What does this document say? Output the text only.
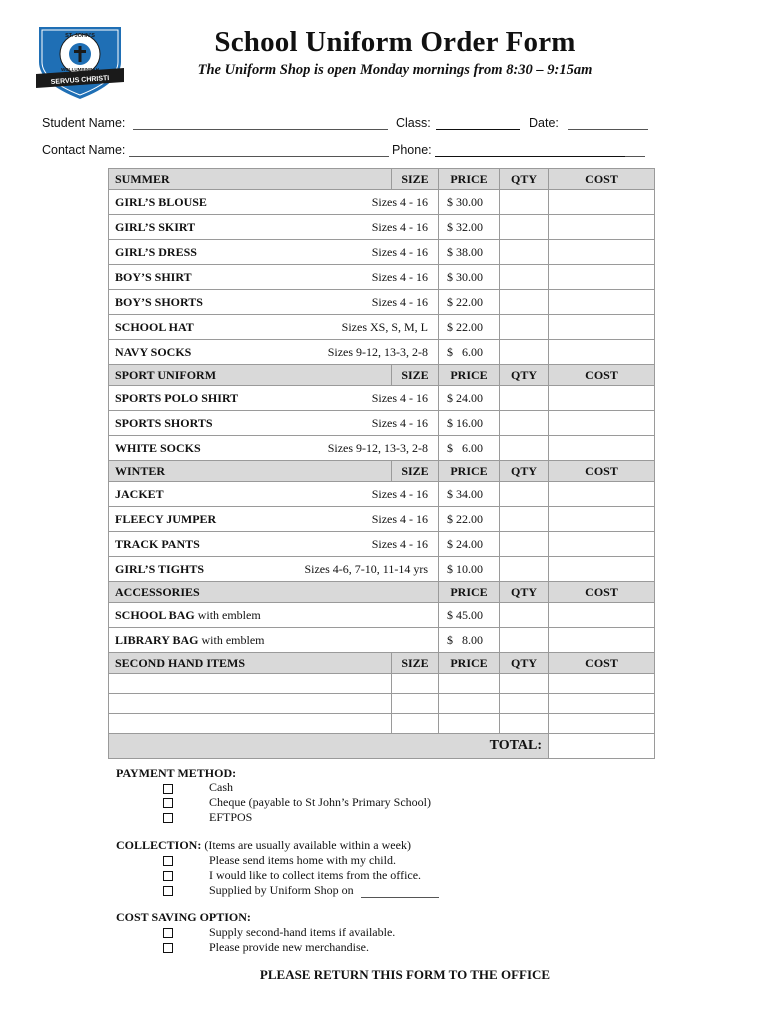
SERVUS CHRISTI
ST. JOHN'S
WOLLUMBINBAH
School Uniform Order Form
The Uniform Shop is open Monday mornings from 8:30 – 9:15am
Student Name:	Class:	Date:
Contact Name:	Phone:
SUMMER		SIZE	PRICE	QTY	COST
GIRL’S BLOUSE	Sizes 4 - 16		$ 30.00		
GIRL’S SKIRT	Sizes 4 - 16		$ 32.00		
GIRL’S DRESS	Sizes 4 - 16		$ 38.00		
BOY’S SHIRT	Sizes 4 - 16		$ 30.00		
BOY’S SHORTS	Sizes 4 - 16		$ 22.00		
SCHOOL HAT	Sizes XS, S, M, L		$ 22.00		
NAVY SOCKS	Sizes 9-12, 13-3, 2-8		$   6.00		
SPORT UNIFORM		SIZE	PRICE	QTY	COST
SPORTS POLO SHIRT	Sizes 4 - 16		$ 24.00		
SPORTS SHORTS	Sizes 4 - 16		$ 16.00		
WHITE SOCKS	Sizes 9-12, 13-3, 2-8		$   6.00		
WINTER		SIZE	PRICE	QTY	COST
JACKET	Sizes 4 - 16		$ 34.00		
FLEECY JUMPER	Sizes 4 - 16		$ 22.00		
TRACK PANTS	Sizes 4 - 16		$ 24.00		
GIRL’S TIGHTS	Sizes 4-6, 7-10, 11-14 yrs		$ 10.00		
ACCESSORIES			PRICE	QTY	COST
SCHOOL BAG with emblem			$ 45.00		
LIBRARY BAG with emblem			$   8.00		
SECOND HAND ITEMS		SIZE	PRICE	QTY	COST

TOTAL:					
PAYMENT METHOD:
Cash
Cheque (payable to St John’s Primary School)
EFTPOS
COLLECTION: (Items are usually available within a week)
Please send items home with my child.
I would like to collect items from the office.
Supplied by Uniform Shop on
COST SAVING OPTION:
Supply second-hand items if available.
Please provide new merchandise.
PLEASE RETURN THIS FORM TO THE OFFICE
